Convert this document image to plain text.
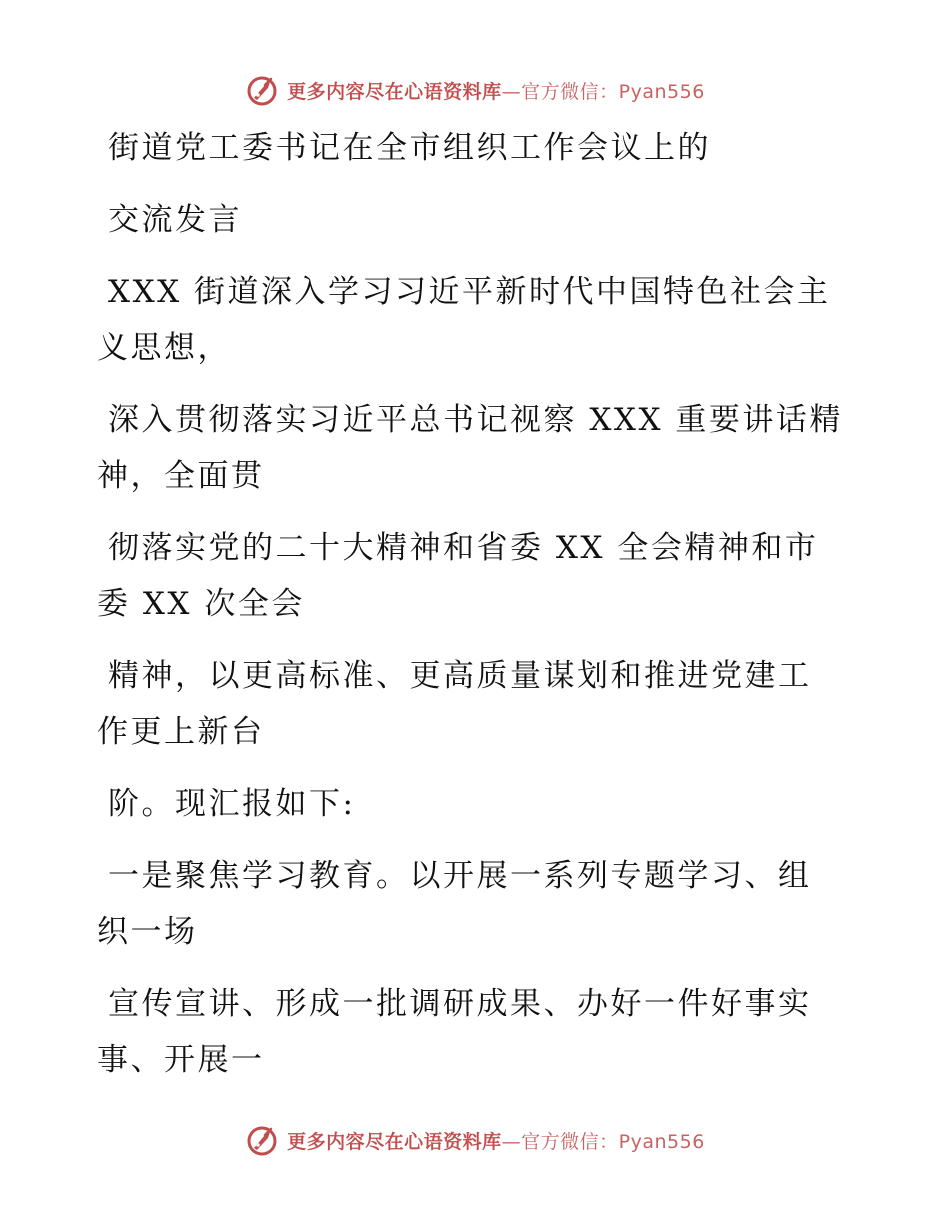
更多内容尽在心语资料库—官方微信：Pyan556
街道党工委书记在全市组织工作会议上的
交流发言
XXX 街道深入学习习近平新时代中国特色社会主
义思想，
深入贯彻落实习近平总书记视察 XXX 重要讲话精
神，全面贯
彻落实党的二十大精神和省委 XX 全会精神和市
委 XX 次全会
精神，以更高标准、更高质量谋划和推进党建工
作更上新台
阶。现汇报如下:
一是聚焦学习教育。以开展一系列专题学习、组
织一场
宣传宣讲、形成一批调研成果、办好一件好事实
事、开展一
更多内容尽在心语资料库—官方微信：Pyan556
